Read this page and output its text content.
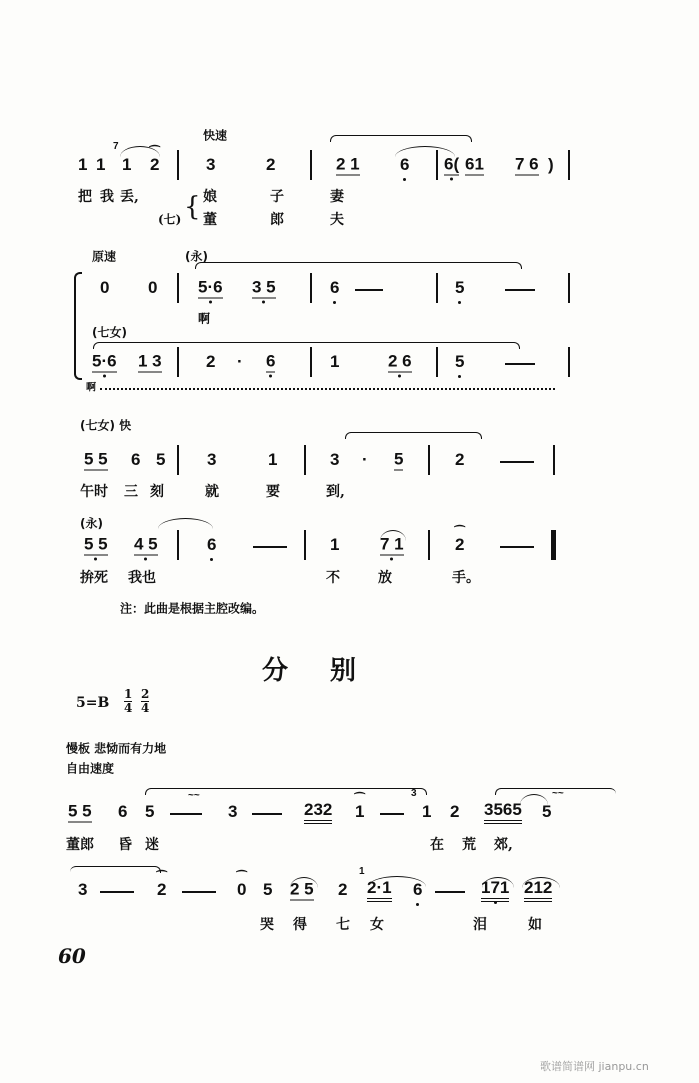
快速
1 1
7
1 ⁀ 2	3	2	2 1 6 6( 61 7 6 )
把 我 丢, { 娘	子	妻
(七) 董	郎	夫
原速	(永)
0 0 5·6 3 5	6	5
啊
(七女)
5·6 1 3	2 · 6	1	2 6	5
啊
(七女) 快
5 5 6 5 3	1	3 · 5	2
午时 三 刻	就	要	到,
(永)
5 5 4 5	6	1 7 1	⁀ 2
拚死 我也	不	放	手。
注：此曲是根据主腔改编。
分 别
5=B
1
4
2
4
慢板 悲恸而有力地
自由速度
5 5 6 5
~~
3	232 ⁀ 1
3
1 2 3565 5
~~
董郎 昏 迷	在 荒 郊,
3	⁀ 2	⁀ 0 5 2 5 2
1
2·1 6	171 212
哭 得 七 女	泪	如
60
歌谱简谱网 jianpu.cn
